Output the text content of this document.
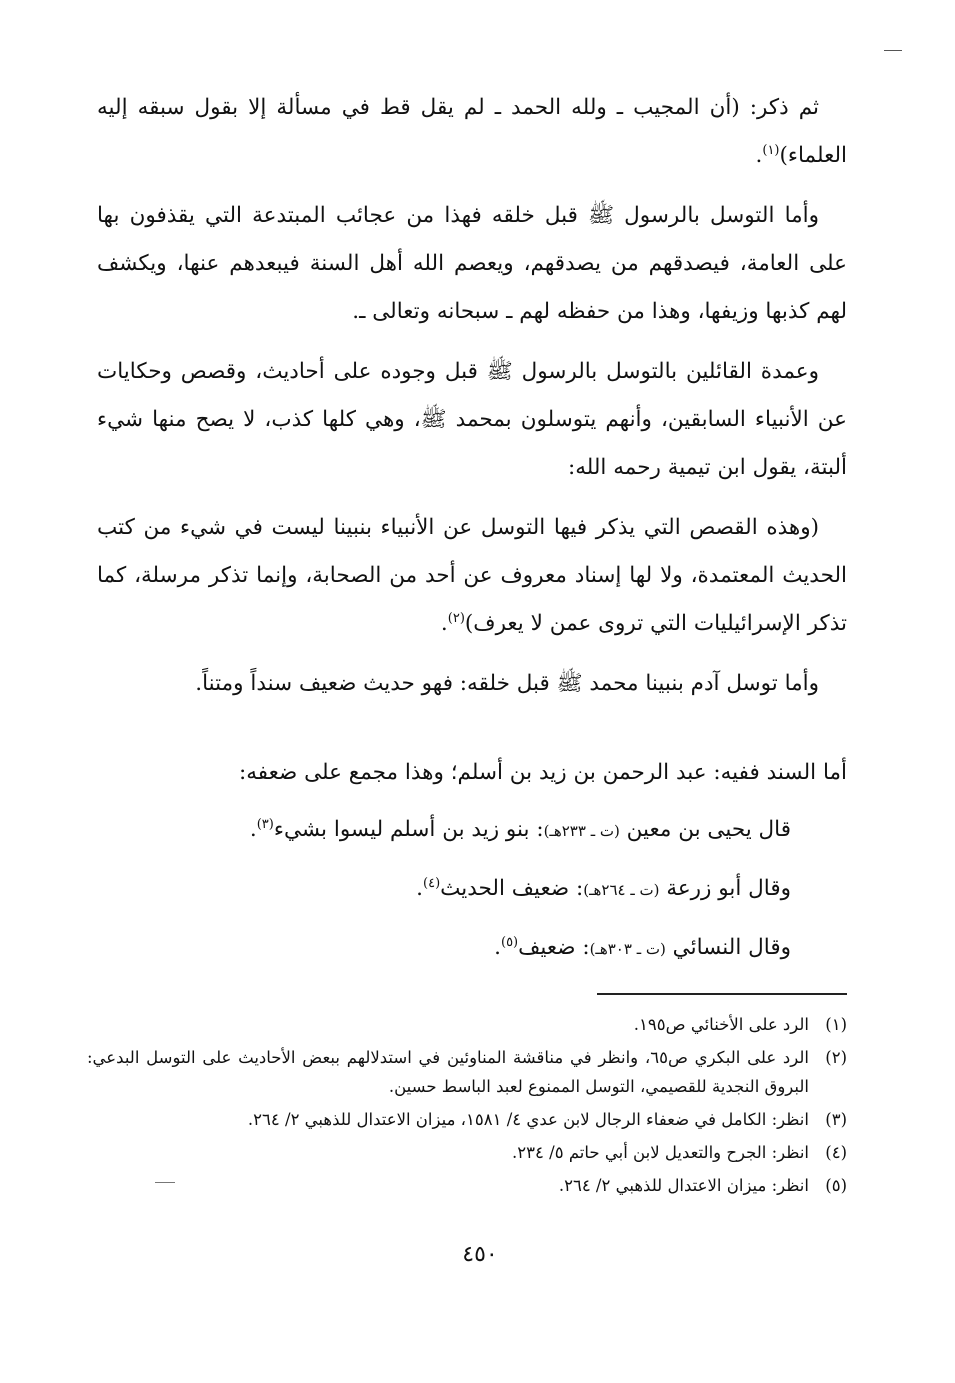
ثم ذكر: (أن المجيب ـ ولله الحمد ـ لم يقل قط في مسألة إلا بقول سبقه إليه العلماء)$^{(١)}$.

وأما التوسل بالرسول ﷺ قبل خلقه فهذا من عجائب المبتدعة التي يقذفون بها على العامة، فيصدقهم من يصدقهم، ويعصم الله أهل السنة فيبعدهم عنها، ويكشف لهم كذبها وزيفها، وهذا من حفظه لهم ـ سبحانه وتعالى ـ.

وعمدة القائلين بالتوسل بالرسول ﷺ قبل وجوده على أحاديث، وقصص وحكايات عن الأنبياء السابقين، وأنهم يتوسلون بمحمد ﷺ، وهي كلها كذب، لا يصح منها شيء ألبتة، يقول ابن تيمية رحمه الله:

(وهذه القصص التي يذكر فيها التوسل عن الأنبياء بنبينا ليست في شيء من كتب الحديث المعتمدة، ولا لها إسناد معروف عن أحد من الصحابة، وإنما تذكر مرسلة، كما تذكر الإسرائيليات التي تروى عمن لا يعرف)$^{(٢)}$.

وأما توسل آدم بنبينا محمد ﷺ قبل خلقه: فهو حديث ضعيف سنداً ومتناً.

أما السند ففيه: عبد الرحمن بن زيد بن أسلم؛ وهذا مجمع على ضعفه:
قال يحيى بن معين (ت ـ ٢٣٣هـ): بنو زيد بن أسلم ليسوا بشيء$^{(٣)}$.
وقال أبو زرعة (ت ـ ٢٦٤هـ): ضعيف الحديث$^{(٤)}$.
وقال النسائي (ت ـ ٣٠٣هـ): ضعيف$^{(٥)}$.
(١)
الرد على الأخنائي ص١٩٥.
(٢)
الرد على البكري ص٦٥، وانظر في مناقشة المناوئين في استدلالهم ببعض الأحاديث على التوسل البدعي: البروق النجدية للقصيمي، التوسل الممنوع لعبد الباسط حسين.
(٣)
انظر: الكامل في ضعفاء الرجال لابن عدي ٤/ ١٥٨١، ميزان الاعتدال للذهبي ٢/ ٢٦٤.
(٤)
انظر: الجرح والتعديل لابن أبي حاتم ٥/ ٢٣٤.
(٥)
انظر: ميزان الاعتدال للذهبي ٢/ ٢٦٤.
٤٥٠
